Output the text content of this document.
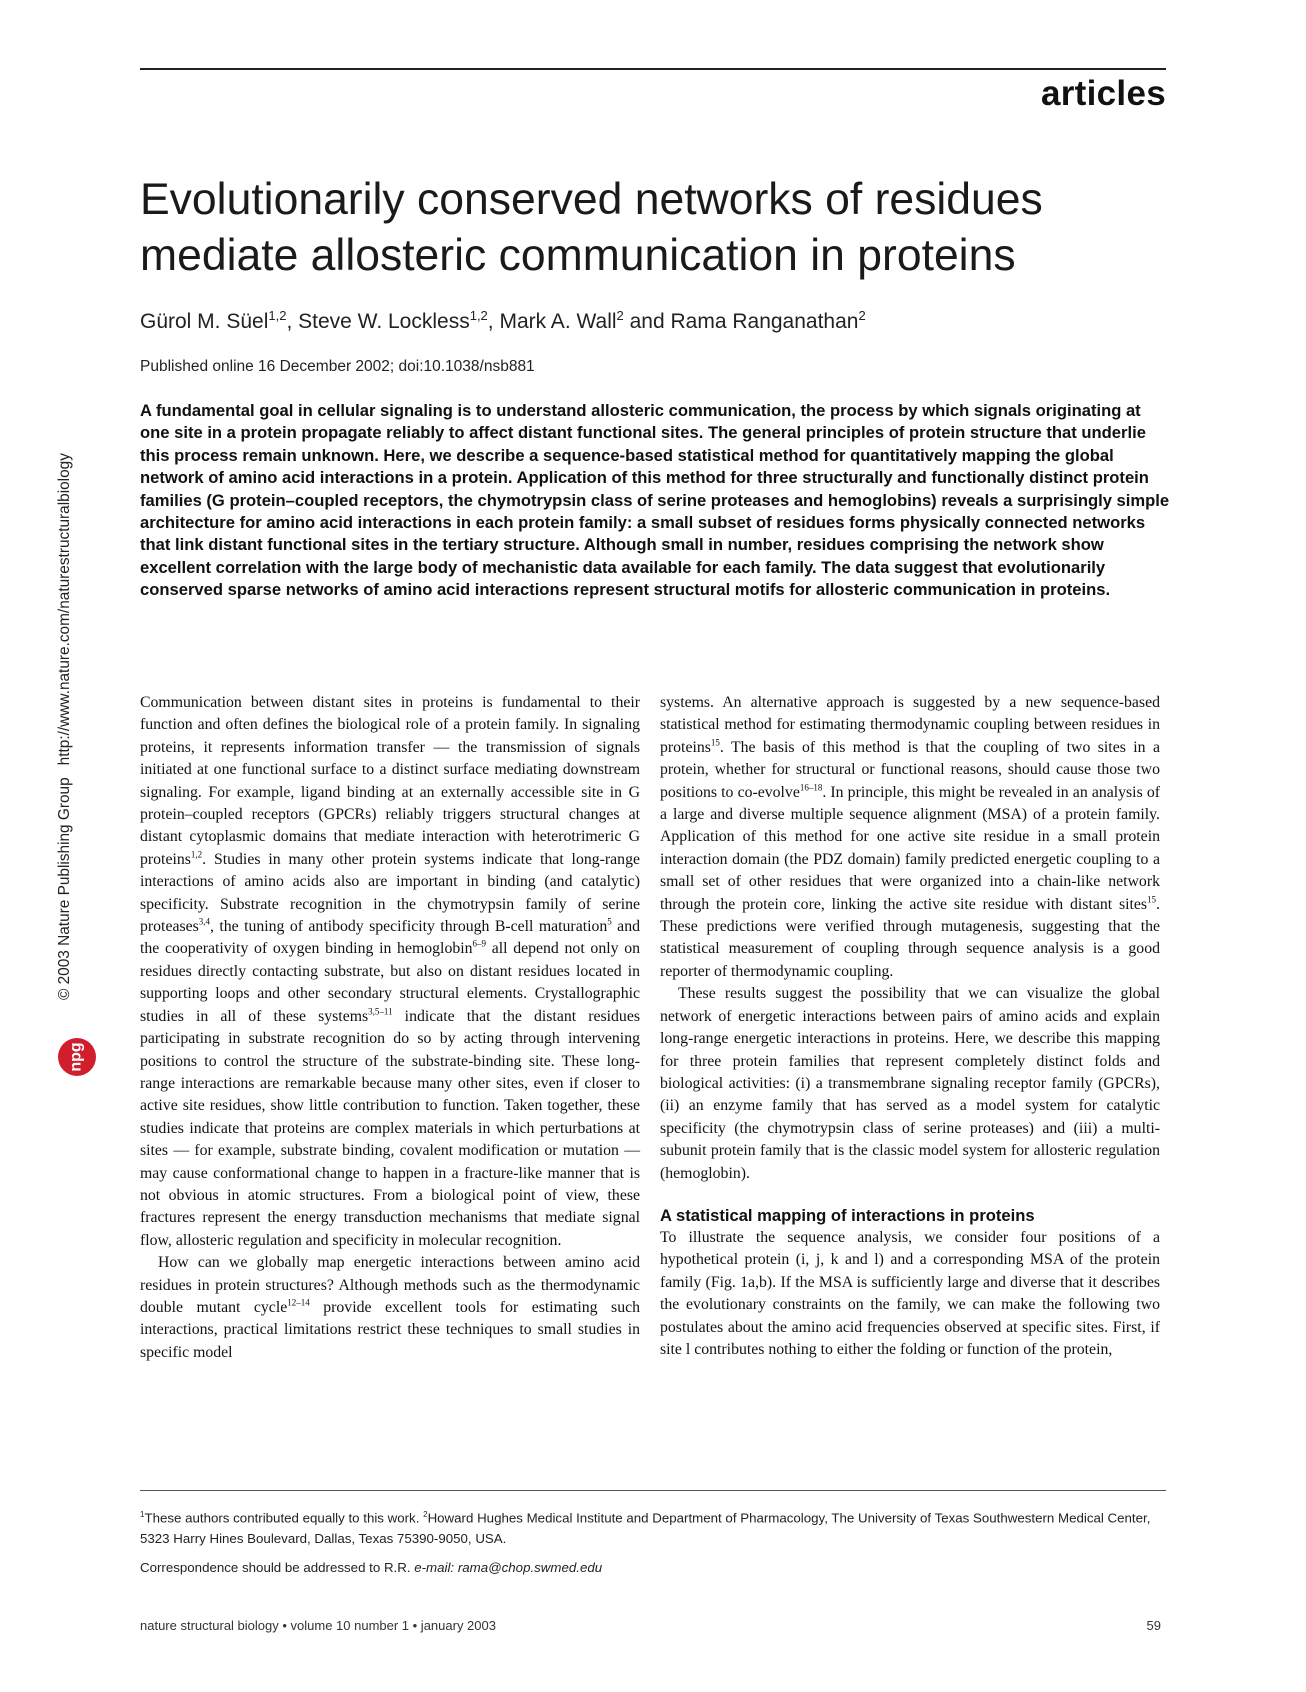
articles
Evolutionarily conserved networks of residues mediate allosteric communication in proteins
Gürol M. Süel$^{1,2}$, Steve W. Lockless$^{1,2}$, Mark A. Wall$^2$ and Rama Ranganathan$^2$
Published online 16 December 2002; doi:10.1038/nsb881

A fundamental goal in cellular signaling is to understand allosteric communication, the process by which signals originating at one site in a protein propagate reliably to affect distant functional sites. The general principles of protein structure that underlie this process remain unknown. Here, we describe a sequence-based statistical method for quantitatively mapping the global network of amino acid interactions in a protein. Application of this method for three structurally and functionally distinct protein families (G protein–coupled receptors, the chymotrypsin class of serine proteases and hemoglobins) reveals a surprisingly simple architecture for amino acid interactions in each protein family: a small subset of residues forms physically connected networks that link distant functional sites in the tertiary structure. Although small in number, residues comprising the network show excellent correlation with the large body of mechanistic data available for each family. The data suggest that evolutionarily conserved sparse networks of amino acid interactions represent structural motifs for allosteric communication in proteins.

Communication between distant sites in proteins is fundamental to their function and often defines the biological role of a protein family. In signaling proteins, it represents information transfer — the transmission of signals initiated at one functional surface to a distinct surface mediating downstream signaling. For example, ligand binding at an externally accessible site in G protein–coupled receptors (GPCRs) reliably triggers structural changes at distant cytoplasmic domains that mediate interaction with heterotrimeric G proteins$^{1,2}$. Studies in many other protein systems indicate that long-range interactions of amino acids also are important in binding (and catalytic) specificity. Substrate recognition in the chymotrypsin family of serine proteases$^{3,4}$, the tuning of antibody specificity through B-cell maturation$^5$ and the cooperativity of oxygen binding in hemoglobin$^{6-9}$ all depend not only on residues directly contacting substrate, but also on distant residues located in supporting loops and other secondary structural elements. Crystallographic studies in all of these systems$^{3,5-11}$ indicate that the distant residues participating in substrate recognition do so by acting through intervening positions to control the structure of the substrate-binding site. These long-range interactions are remarkable because many other sites, even if closer to active site residues, show little contribution to function. Taken together, these studies indicate that proteins are complex materials in which perturbations at sites — for example, substrate binding, covalent modification or mutation — may cause conformational change to happen in a fracture-like manner that is not obvious in atomic structures. From a biological point of view, these fractures represent the energy transduction mechanisms that mediate signal flow, allosteric regulation and specificity in molecular recognition.

How can we globally map energetic interactions between amino acid residues in protein structures? Although methods such as the thermodynamic double mutant cycle$^{12-14}$ provide excellent tools for estimating such interactions, practical limitations restrict these techniques to small studies in specific model

systems. An alternative approach is suggested by a new sequence-based statistical method for estimating thermodynamic coupling between residues in proteins$^{15}$. The basis of this method is that the coupling of two sites in a protein, whether for structural or functional reasons, should cause those two positions to co-evolve$^{16-18}$. In principle, this might be revealed in an analysis of a large and diverse multiple sequence alignment (MSA) of a protein family. Application of this method for one active site residue in a small protein interaction domain (the PDZ domain) family predicted energetic coupling to a small set of other residues that were organized into a chain-like network through the protein core, linking the active site residue with distant sites$^{15}$. These predictions were verified through mutagenesis, suggesting that the statistical measurement of coupling through sequence analysis is a good reporter of thermodynamic coupling.

These results suggest the possibility that we can visualize the global network of energetic interactions between pairs of amino acids and explain long-range energetic interactions in proteins. Here, we describe this mapping for three protein families that represent completely distinct folds and biological activities: (i) a transmembrane signaling receptor family (GPCRs), (ii) an enzyme family that has served as a model system for catalytic specificity (the chymotrypsin class of serine proteases) and (iii) a multi-subunit protein family that is the classic model system for allosteric regulation (hemoglobin).

A statistical mapping of interactions in proteins

To illustrate the sequence analysis, we consider four positions of a hypothetical protein (i, j, k and l) and a corresponding MSA of the protein family (Fig. 1a,b). If the MSA is sufficiently large and diverse that it describes the evolutionary constraints on the family, we can make the following two postulates about the amino acid frequencies observed at specific sites. First, if site l contributes nothing to either the folding or function of the protein,

$^1$These authors contributed equally to this work. $^2$Howard Hughes Medical Institute and Department of Pharmacology, The University of Texas Southwestern Medical Center, 5323 Harry Hines Boulevard, Dallas, Texas 75390-9050, USA.

Correspondence should be addressed to R.R. e-mail: rama@chop.swmed.edu
nature structural biology • volume 10 number 1 • january 2003	59
© 2003 Nature Publishing Grouphttp://www.nature.com/naturestructuralbiology
npg
